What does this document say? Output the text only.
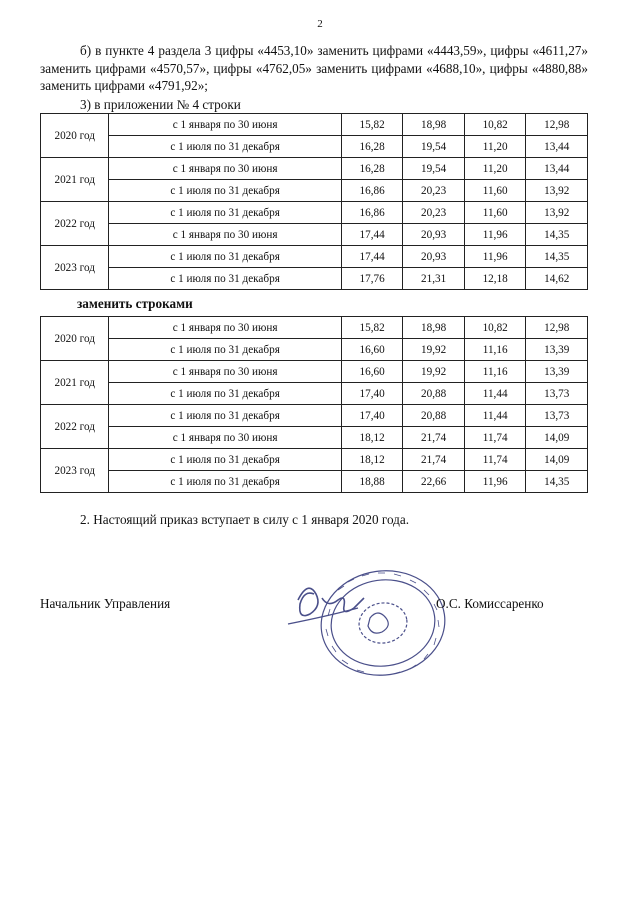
2
б) в пункте 4 раздела 3 цифры «4453,10» заменить цифрами «4443,59», цифры «4611,27» заменить цифрами «4570,57», цифры «4762,05» заменить цифрами «4688,10», цифры «4880,88» заменить цифрами «4791,92»;
3) в приложении № 4 строки
2020 год	с 1 января по 30 июня	15,82	18,98	10,82	12,98
	с 1 июля по 31 декабря	16,28	19,54	11,20	13,44
2021 год	с 1 января по 30 июня	16,28	19,54	11,20	13,44
	с 1 июля по 31 декабря	16,86	20,23	11,60	13,92
2022 год	с 1 июля по 31 декабря	16,86	20,23	11,60	13,92
	с 1 января по 30 июня	17,44	20,93	11,96	14,35
2023 год	с 1 июля по 31 декабря	17,44	20,93	11,96	14,35
	с 1 июля по 31 декабря	17,76	21,31	12,18	14,62
заменить строками
2020 год	с 1 января по 30 июня	15,82	18,98	10,82	12,98
	с 1 июля по 31 декабря	16,60	19,92	11,16	13,39
2021 год	с 1 января по 30 июня	16,60	19,92	11,16	13,39
	с 1 июля по 31 декабря	17,40	20,88	11,44	13,73
2022 год	с 1 июля по 31 декабря	17,40	20,88	11,44	13,73
	с 1 января по 30 июня	18,12	21,74	11,74	14,09
2023 год	с 1 июля по 31 декабря	18,12	21,74	11,74	14,09
	с 1 июля по 31 декабря	18,88	22,66	11,96	14,35
2. Настоящий приказ вступает в силу с 1 января 2020 года.
Начальник Управления	О.С. Комиссаренко
